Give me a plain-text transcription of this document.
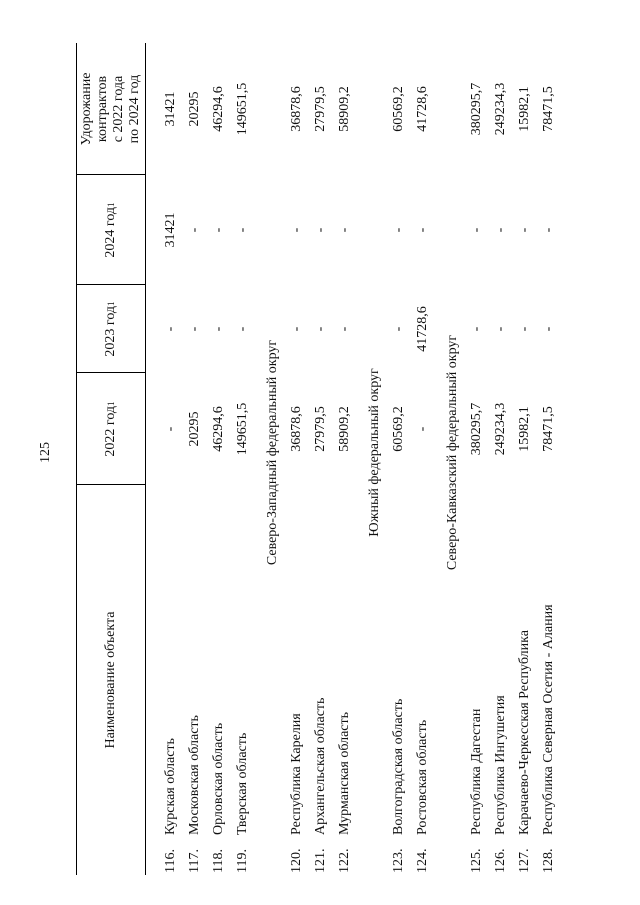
125
Наименование объекта
2022 год
1
2023 год
1
2024 год
1
Удорожание контрактов с 2022 года по 2024 год
116.
Курская область
-
-
31421
31421
117.
Московская область
20295
-
-
20295
118.
Орловская область
46294,6
-
-
46294,6
119.
Тверская область
149651,5
-
-
149651,5
Северо-Западный федеральный округ
120.
Республика Карелия
36878,6
-
-
36878,6
121.
Архангельская область
27979,5
-
-
27979,5
122.
Мурманская область
58909,2
-
-
58909,2
Южный федеральный округ
123.
Волгоградская область
60569,2
-
-
60569,2
124.
Ростовская область
-
41728,6
-
41728,6
Северо-Кавказский федеральный округ
125.
Республика Дагестан
380295,7
-
-
380295,7
126.
Республика Ингушетия
249234,3
-
-
249234,3
127.
Карачаево-Черкесская Республика
15982,1
-
-
15982,1
128.
Республика Северная Осетия - Алания
78471,5
-
-
78471,5
